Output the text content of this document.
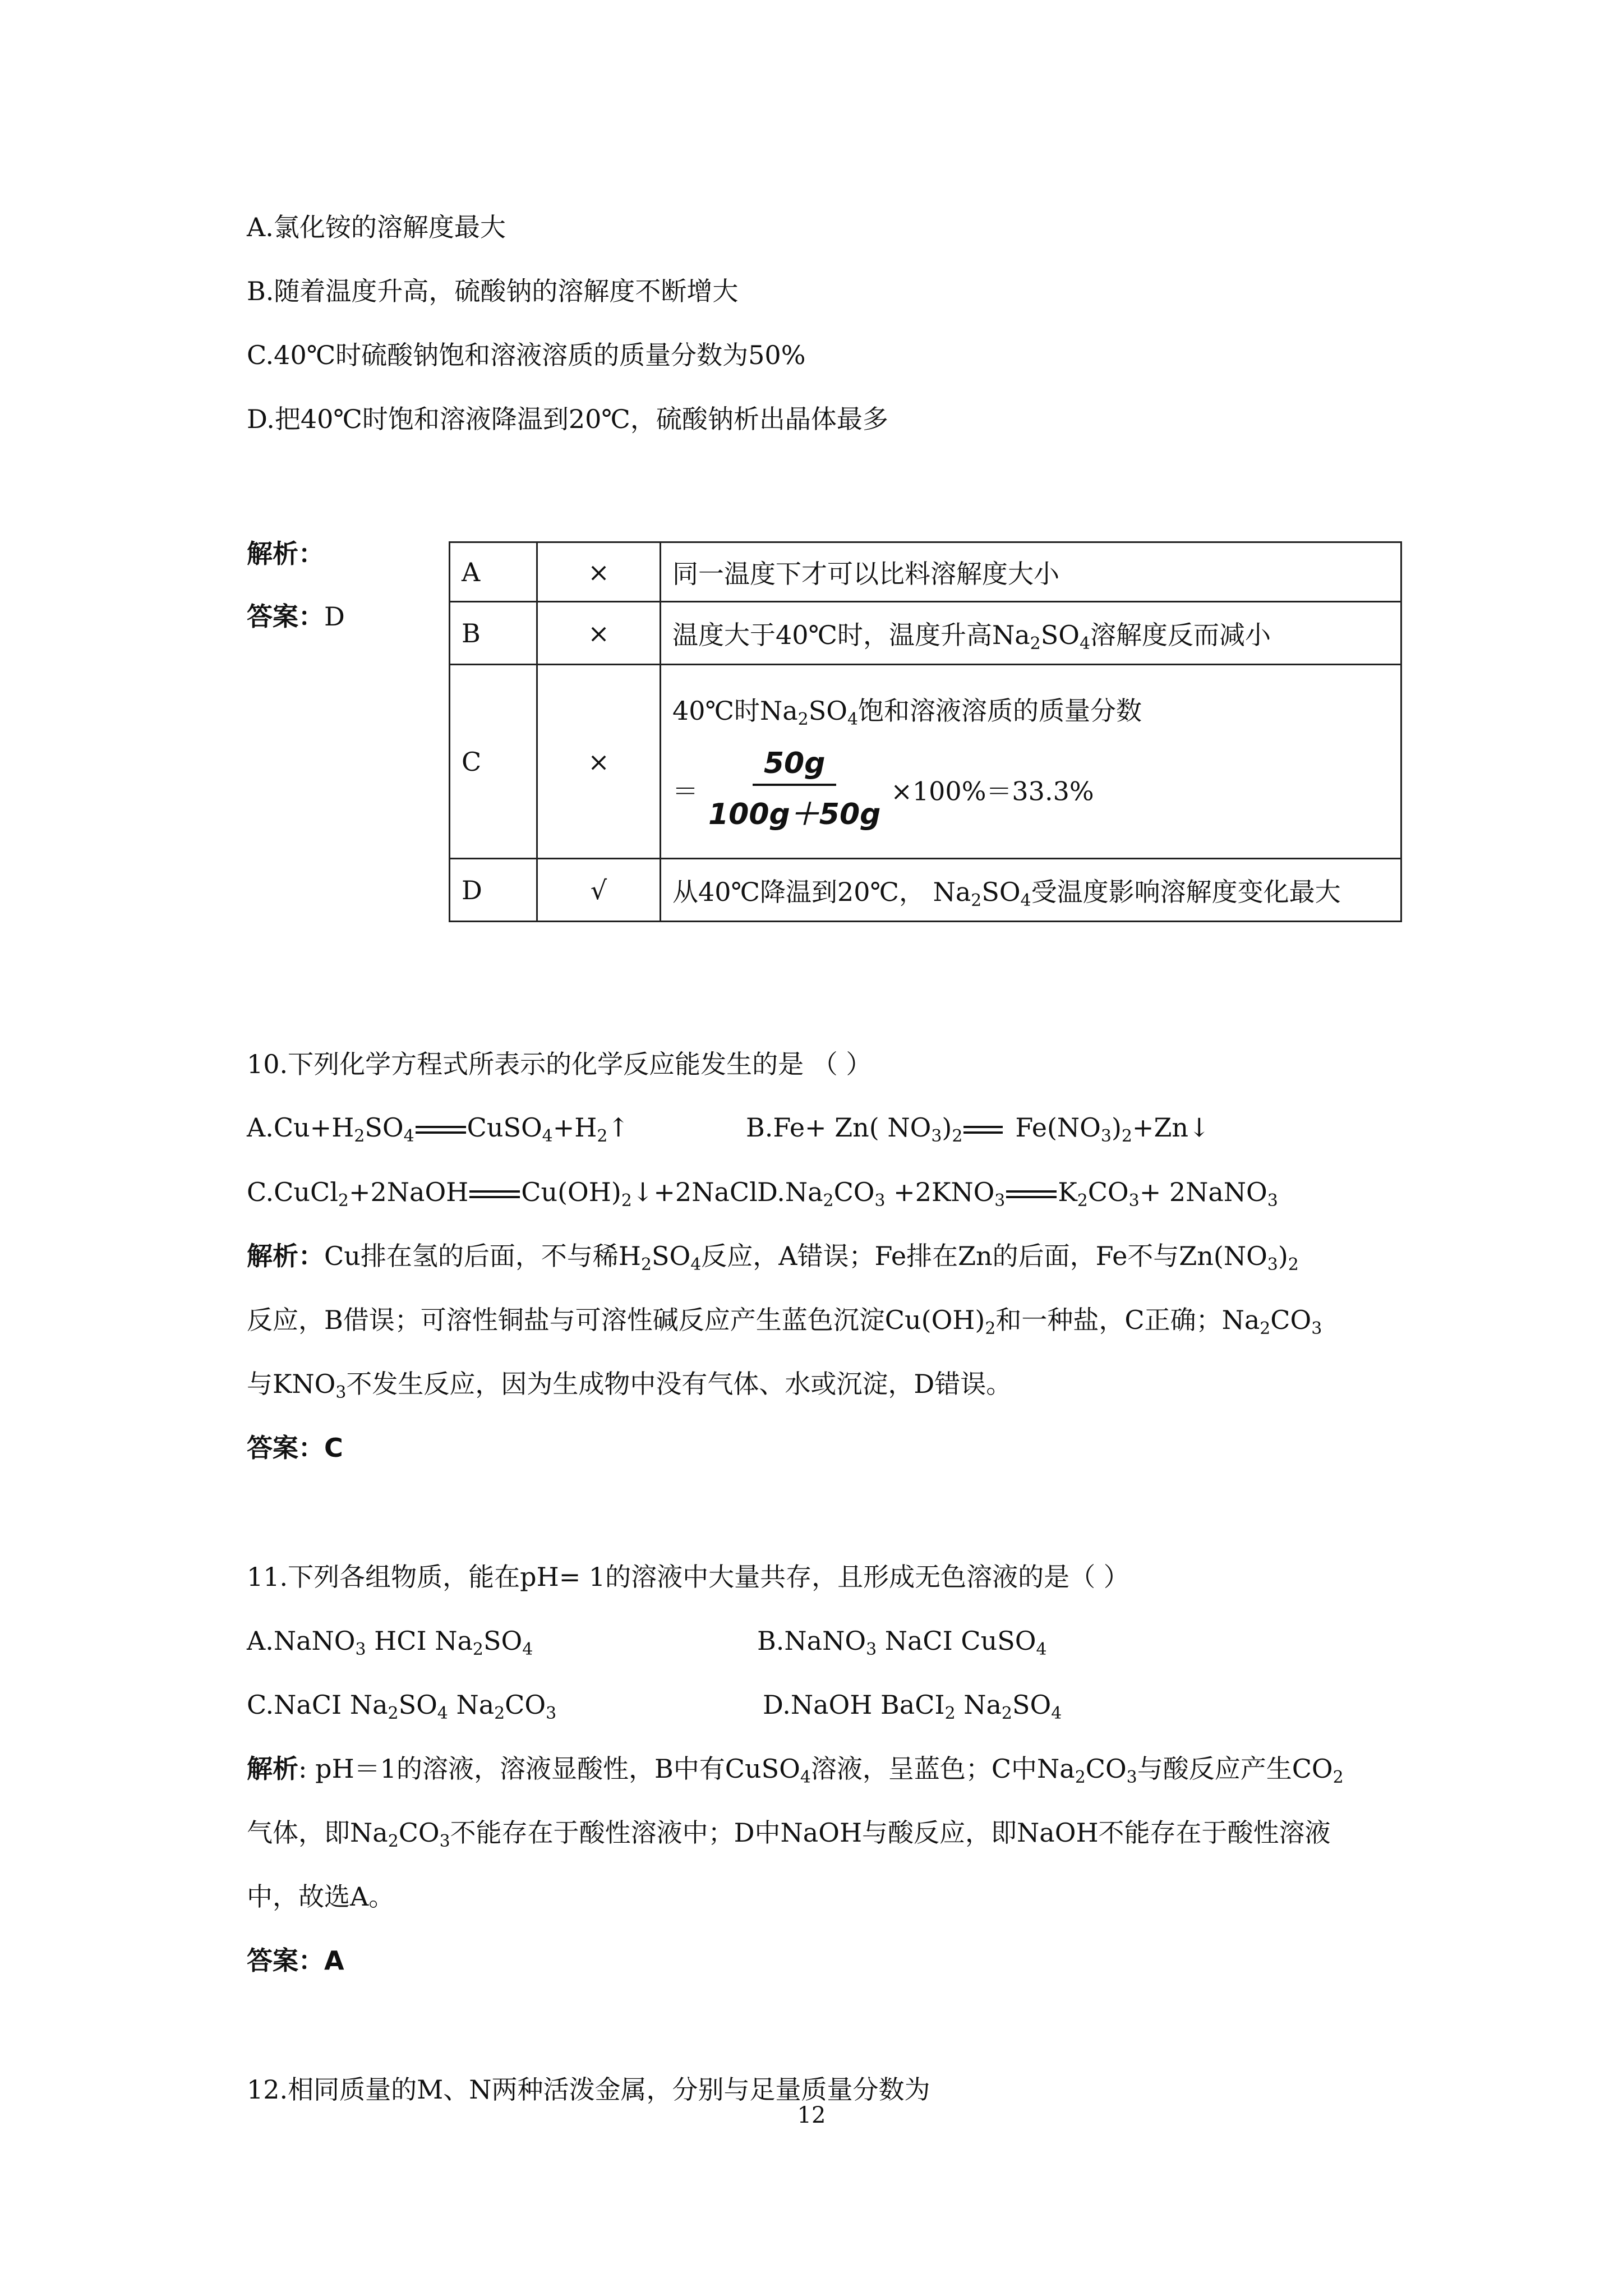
A.氯化铵的溶解度最大
B.随着温度升高，硫酸钠的溶解度不断增大
C.40℃时硫酸钠饱和溶液溶质的质量分数为50%
D.把40℃时饱和溶液降温到20℃，硫酸钠析出晶体最多
解析：
答案：D
A	×	同一温度下才可以比料溶解度大小
B	×	温度大于40℃时，温度升高$Na_2SO_4$溶解度反而减小
C	×	40℃时$Na_2SO_4$饱和溶液溶质的质量分数
＝ $\frac{50g}{100g+50g} \times 100\%=33.3\%$

D	√	从40℃降温到20℃， $Na_2SO_4$受温度影响溶解度变化最大
10.下列化学方程式所表示的化学反应能发生的是 （ ）
$A.Cu+H_2SO_4$ $CuSO_4+H_2↑$	B.Fe+ Zn( $NO_3)_2$ $Fe(NO_3)_2+Zn↓$
C.CuCl$_2$+2NaOH $Cu(OH)_2↓+2NaCl$ $D.Na_2CO_3 +2KNO_3$ $K_2CO_3+$ 2NaNO$_3$
解析：Cu排在氢的后面，不与稀$H_2SO_4$反应，A错误；Fe排在Zn的后面，Fe不与$Zn(NO_3)_2$
反应，B借误；可溶性铜盐与可溶性碱反应产生蓝色沉淀$Cu(OH)_2$和一种盐，C正确；$Na_2CO_3$
与$KNO_3$不发生反应，因为生成物中没有气体、水或沉淀，D错误。
答案：C
11.下列各组物质，能在pH= 1的溶液中大量共存，且形成无色溶液的是（ ）
A.NaNO$_3$ HCI $Na_2SO_4$	B.NaNO$_3$ NaCI CuSO$_4$
C.NaCI $Na_2SO_4$ $Na_2CO_3$	D.NaOH BaCI$_2$ $Na_2SO_4$
解析: pH＝1的溶液，溶液显酸性，B中有CuSO$_4$溶液，呈蓝色；C中$Na_2CO_3$与酸反应产生$CO_2$
气体，即$Na_2CO_3$不能存在于酸性溶液中；D中NaOH与酸反应，即NaOH不能存在于酸性溶液
中，故选A。
答案：A
12.相同质量的M、N两种活泼金属，分别与足量质量分数为
12
